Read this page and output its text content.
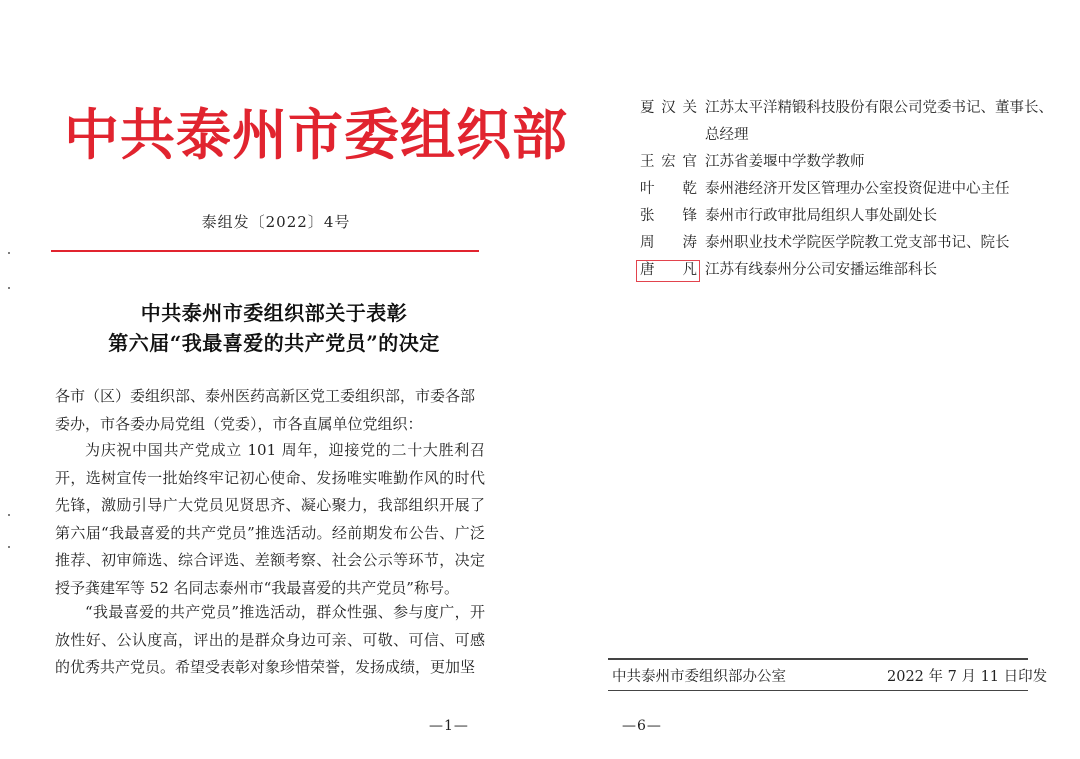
中共泰州市委组织部
泰组发〔2022〕4号
中共泰州市委组织部关于表彰
第六届“我最喜爱的共产党员”的决定
各市（区）委组织部、泰州医药高新区党工委组织部，市委各部委办，市各委办局党组（党委），市各直属单位党组织：
为庆祝中国共产党成立 101 周年，迎接党的二十大胜利召开，选树宣传一批始终牢记初心使命、发扬唯实唯勤作风的时代先锋，激励引导广大党员见贤思齐、凝心聚力，我部组织开展了第六届“我最喜爱的共产党员”推选活动。经前期发布公告、广泛推荐、初审筛选、综合评选、差额考察、社会公示等环节，决定授予龚建军等 52 名同志泰州市“我最喜爱的共产党员”称号。
“我最喜爱的共产党员”推选活动，群众性强、参与度广，开放性好、公认度高，评出的是群众身边可亲、可敬、可信、可感的优秀共产党员。希望受表彰对象珍惜荣誉，发扬成绩，更加坚
—1—
夏汉关 江苏太平洋精锻科技股份有限公司党委书记、董事长、总经理
王宏官 江苏省姜堰中学数学教师
叶乾 泰州港经济开发区管理办公室投资促进中心主任
张锋 泰州市行政审批局组织人事处副处长
周涛 泰州职业技术学院医学院教工党支部书记、院长
唐凡 江苏有线泰州分公司安播运维部科长
中共泰州市委组织部办公室	2022 年 7 月 11 日印发
—6—
